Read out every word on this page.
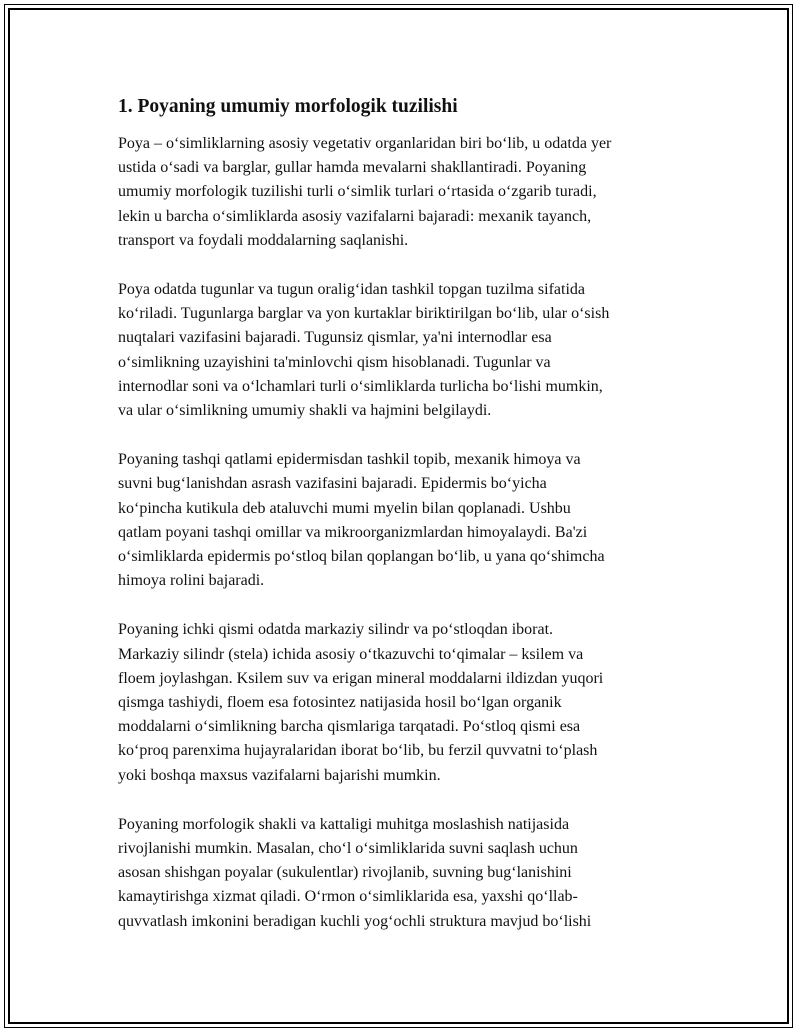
1. Poyaning umumiy morfologik tuzilishi

Poya – oʻsimliklarning asosiy vegetativ organlaridan biri boʻlib, u odatda yer
ustida oʻsadi va barglar, gullar hamda mevalarni shakllantiradi. Poyaning
umumiy morfologik tuzilishi turli oʻsimlik turlari oʻrtasida oʻzgarib turadi,
lekin u barcha oʻsimliklarda asosiy vazifalarni bajaradi: mexanik tayanch,
transport va foydali moddalarning saqlanishi.

Poya odatda tugunlar va tugun oraligʻidan tashkil topgan tuzilma sifatida
koʻriladi. Tugunlarga barglar va yon kurtaklar biriktirilgan boʻlib, ular oʻsish
nuqtalari vazifasini bajaradi. Tugunsiz qismlar, ya'ni internodlar esa
oʻsimlikning uzayishini ta'minlovchi qism hisoblanadi. Tugunlar va
internodlar soni va oʻlchamlari turli oʻsimliklarda turlicha boʻlishi mumkin,
va ular oʻsimlikning umumiy shakli va hajmini belgilaydi.

Poyaning tashqi qatlami epidermisdan tashkil topib, mexanik himoya va
suvni bugʻlanishdan asrash vazifasini bajaradi. Epidermis boʻyicha
koʻpincha kutikula deb ataluvchi mumi myelin bilan qoplanadi. Ushbu
qatlam poyani tashqi omillar va mikroorganizmlardan himoyalaydi. Ba'zi
oʻsimliklarda epidermis poʻstloq bilan qoplangan boʻlib, u yana qoʻshimcha
himoya rolini bajaradi.

Poyaning ichki qismi odatda markaziy silindr va poʻstloqdan iborat.
Markaziy silindr (stela) ichida asosiy oʻtkazuvchi toʻqimalar – ksilem va
floem joylashgan. Ksilem suv va erigan mineral moddalarni ildizdan yuqori
qismga tashiydi, floem esa fotosintez natijasida hosil boʻlgan organik
moddalarni oʻsimlikning barcha qismlariga tarqatadi. Poʻstloq qismi esa
koʻproq parenxima hujayralaridan iborat boʻlib, bu ferzil quvvatni toʻplash
yoki boshqa maxsus vazifalarni bajarishi mumkin.

Poyaning morfologik shakli va kattaligi muhitga moslashish natijasida
rivojlanishi mumkin. Masalan, choʻl oʻsimliklarida suvni saqlash uchun
asosan shishgan poyalar (sukulentlar) rivojlanib, suvning bugʻlanishini
kamaytirishga xizmat qiladi. Oʻrmon oʻsimliklarida esa, yaxshi qoʻllab-
quvvatlash imkonini beradigan kuchli yogʻochli struktura mavjud boʻlishi
